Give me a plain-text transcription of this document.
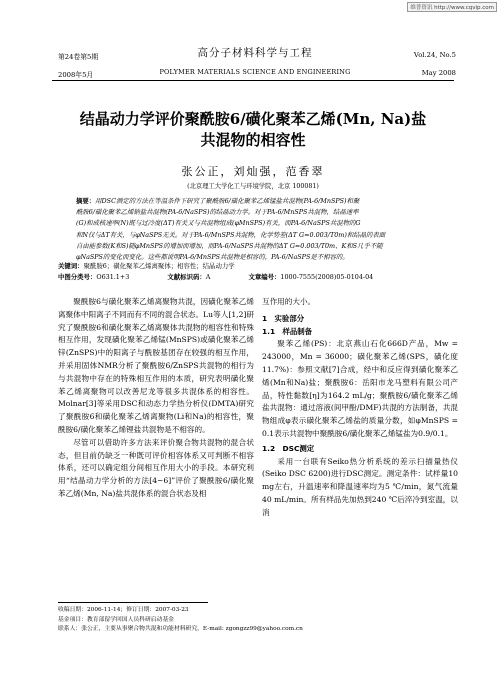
维普资讯 http://www.cqvip.com
第24卷第5期
2008年5月
高分子材料科学与工程
POLYMER MATERIALS SCIENCE AND ENGINEERING
Vol.24, No.5
May 2008
结晶动力学评价聚酰胺6/磺化聚苯乙烯(Mn, Na)盐
共混物的相容性
张公正，刘灿强，范香翠
(北京理工大学化工与环境学院，北京 100081)
摘要：用DSC测定的方法在等温条件下研究了聚酰胺6/磺化聚苯乙烯锰盐共混物(PA-6/MnSPS)和聚
酰胺6/磺化聚苯乙烯钠盐共混物(PA-6/NaSPS)的结晶动力学。对于PA-6/MnSPS共混物，结晶速率
(G)和成核速率(N)既与过冷度(ΔT)有关又与共混物组成(φMnSPS)有关，而PA-6/NaSPS共混物的G
和N仅与ΔT有关，与φNaSPS无关。对于PA-6/MnSPS共混物，化学势差(ΔT G=0.003/T0m)和结晶的表面
自由能参数(K和S)随φMnSPS的增加而增加，而PA-6/NaSPS共混物的ΔT G=0.003/T0m、K和S几乎不随
φNaSPS的变化而变化。这些都说明PA-6/MnSPS共混物是相容的，PA-6/NaSPS是不相容的。
关键词：聚酰胺6；磺化聚苯乙烯离聚体；相容性；结晶动力学
中图分类号：O631.1+3	文献标识码：A	文章编号：1000-7555(2008)05-0104-04

聚酰胺6与磺化聚苯乙烯离聚物共混，因磺化聚苯乙烯离聚体中阳离子不同而有不同的混合状态。Lu等人[1,2]研究了聚酰胺6和磺化聚苯乙烯离聚体共混物的相容性和特殊相互作用，发现磺化聚苯乙烯锰(MnSPS)或磺化聚苯乙烯锌(ZnSPS)中的阳离子与酰胺基团存在较强的相互作用，并采用固体NMR分析了聚酰胺6/ZnSPS共混物的相行为与共混物中存在的特殊相互作用的本质，研究表明磺化聚苯乙烯离聚物可以改善尼龙等很多共混体系的相容性。Molnar[3]等采用DSC和动态力学热分析仪(DMTA)研究了聚酰胺6和磺化聚苯乙烯离聚物(Li和Na)的相容性，聚酰胺6/磺化聚苯乙烯锂盐共混物是不相容的。

尽管可以借助许多方法来评价聚合物共混物的混合状态，但目前仍缺乏一种既可评价相容体系又可判断不相容体系，还可以确定组分间相互作用大小的手段。本研究利用“结晶动力学分析的方法[4~6]”评价了聚酰胺6/磺化聚苯乙烯(Mn, Na)盐共混体系的混合状态及相

互作用的大小。

1　实验部分

1.1　样品制备

聚苯乙烯(PS)：北京燕山石化666D产品，Mw = 243000，Mn = 36000；磺化聚苯乙烯(SPS，磺化度11.7%)：参照文献[7]合成，经中和反应得到磺化聚苯乙烯(Mn和Na)盐；聚酰胺6：岳阳市龙马塑料有限公司产品，特性黏数[η]为164.2 mL/g；聚酰胺6/磺化聚苯乙烯盐共混物：通过溶液(间甲酚/DMF)共混的方法制备，共混物组成φ表示磺化聚苯乙烯盐的质量分数，如φMnSPS = 0.1表示共混物中聚酰胺6/磺化聚苯乙烯锰盐为0.9/0.1。

1.2　DSC测定

采用一台联有Seiko热分析系统的差示扫描量热仪(Seiko DSC 6200)进行DSC测定。测定条件：试样量10 mg左右，升温速率和降温速率均为5 ℃/min，氮气流量40 mL/min。所有样品先加热到240 ℃后淬冷到室温，以消

收稿日期：2006-11-14；修订日期：2007-03-23
基金项目：教育部留学回国人员科研启动基金
联系人：张公正，主要从事聚合物共混和功能材料研究，E-mail: zgongzz99@yahoo.com.cn
